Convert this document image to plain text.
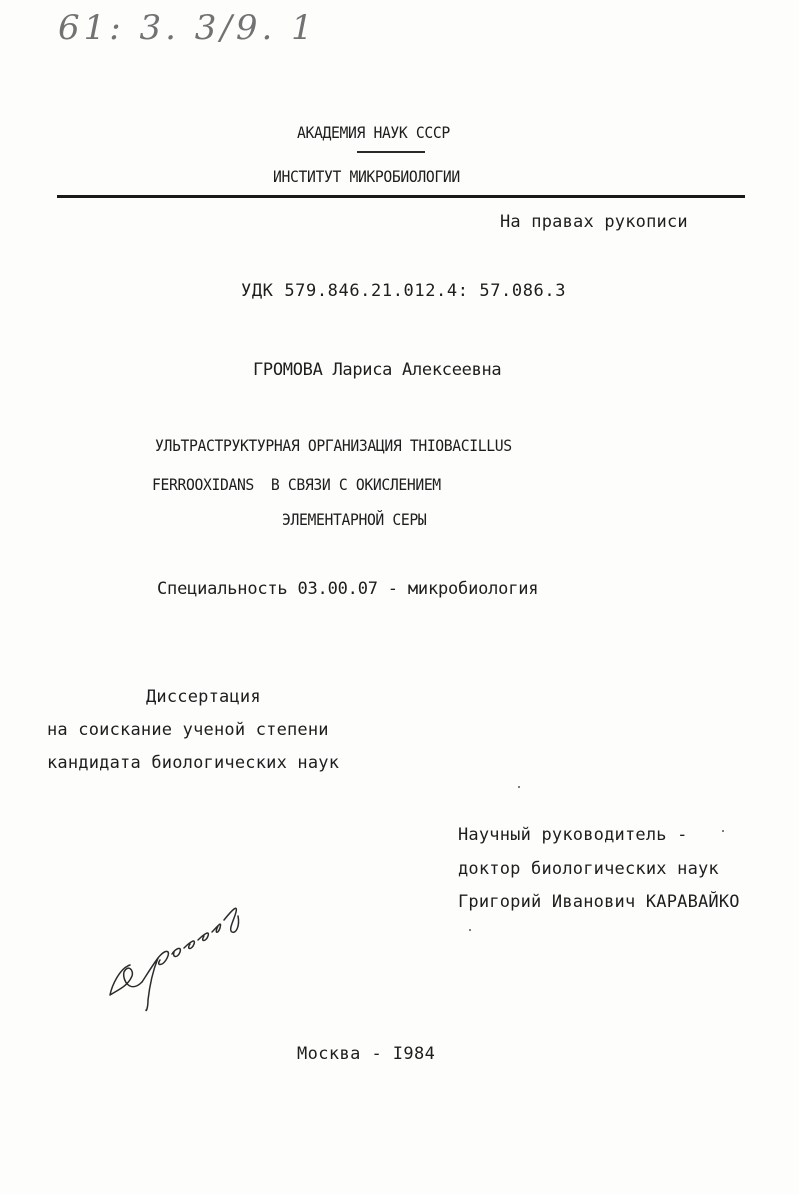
61: 3. 3/9. 1
АКАДЕМИЯ НАУК СССР
ИНСТИТУТ МИКРОБИОЛОГИИ
На правах рукописи
УДК 579.846.21.012.4: 57.086.3
ГРОМОВА Лариса Алексеевна
УЛЬТРАСТРУКТУРНАЯ ОРГАНИЗАЦИЯ THIOBACILLUS
FERROOXIDANS  В СВЯЗИ С ОКИСЛЕНИЕМ
ЭЛЕМЕНТАРНОЙ СЕРЫ
Специальность 03.00.07 - микробиология
Диссертация
на соискание ученой степени
кандидата биологических наук
Научный руководитель -
доктор биологических наук
Григорий Иванович КАРАВАЙКО
Москва - I984
